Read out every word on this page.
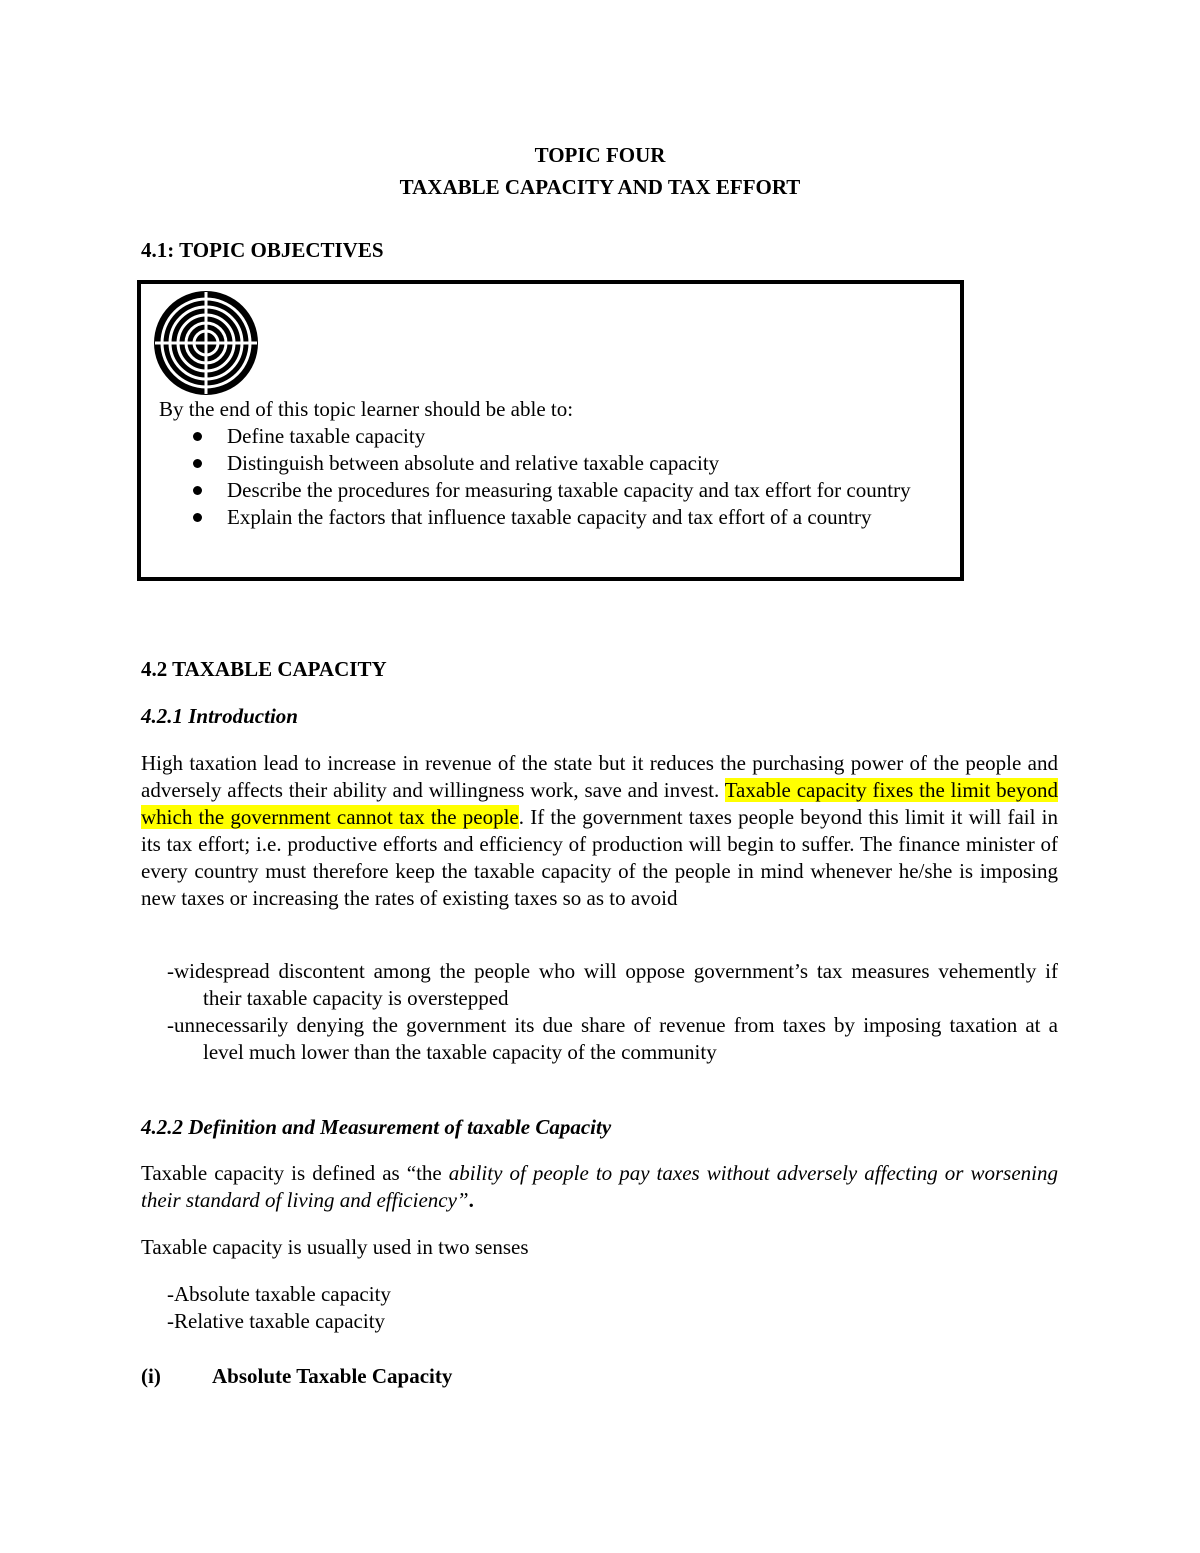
TOPIC FOUR
TAXABLE CAPACITY AND TAX EFFORT
4.1: TOPIC OBJECTIVES
By the end of this topic learner should be able to:
Define taxable capacity
Distinguish between absolute and relative taxable capacity
Describe the procedures for measuring taxable capacity and tax effort for country
Explain the factors that influence taxable capacity and tax effort of a country
4.2 TAXABLE CAPACITY
4.2.1 Introduction
High taxation lead to increase in revenue of the state but it reduces the purchasing power of the people and adversely affects their ability and willingness work, save and invest. Taxable capacity fixes the limit beyond which the government cannot tax the people. If the government taxes people beyond this limit it will fail in its tax effort; i.e. productive efforts and efficiency of production will begin to suffer. The finance minister of every country must therefore keep the taxable capacity of the people in mind whenever he/she is imposing new taxes or increasing the rates of existing taxes so as to avoid

-widespread discontent among the people who will oppose government’s tax measures vehemently if their taxable capacity is overstepped

-unnecessarily denying the government its due share of revenue from taxes by imposing taxation at a level much lower than the taxable capacity of the community

4.2.2 Definition and Measurement of taxable Capacity
Taxable capacity is defined as “the ability of people to pay taxes without adversely affecting or worsening their standard of living and efficiency”.
Taxable capacity is usually used in two senses
-Absolute taxable capacity
-Relative taxable capacity
(i) Absolute Taxable Capacity
